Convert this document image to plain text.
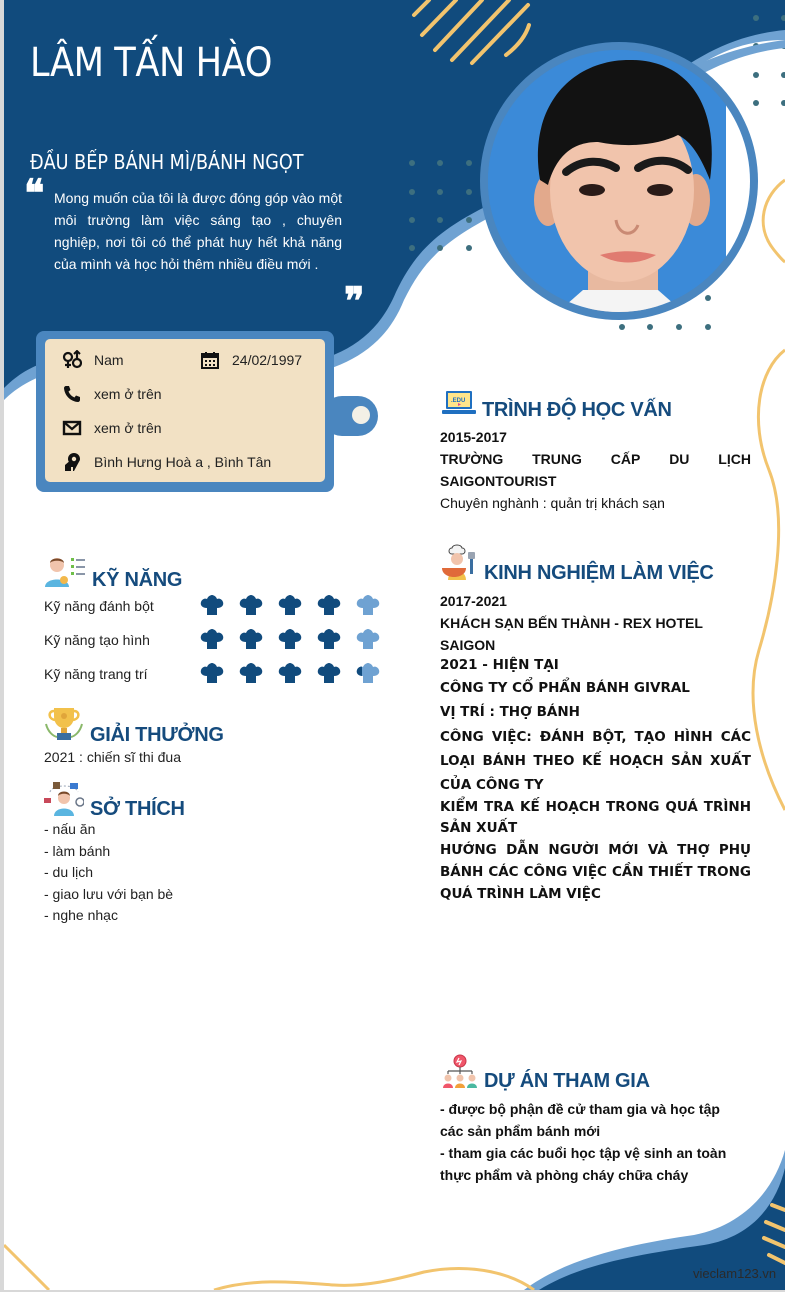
LÂM TẤN HÀO
ĐẦU BẾP BÁNH MÌ/BÁNH NGỌT
❝ Mong muốn của tôi là được đóng góp vào một môi trường làm việc sáng tạo , chuyên nghiệp, nơi tôi có thể phát huy hết khả năng của mình và học hỏi thêm nhiều điều mới .
❞
Nam	24/02/1997
xem ở trên
xem ở trên
Bình Hưng Hoà a , Bình Tân
KỸ NĂNG
Kỹ năng đánh bột
Kỹ năng tạo hình
Kỹ năng trang trí
GIẢI THƯỞNG
2021 : chiến sĩ thi đua
SỞ THÍCH
- nấu ăn
- làm bánh
- du lịch
- giao lưu với bạn bè
- nghe nhạc
.EDU TRÌNH ĐỘ HỌC VẤN
2015-2017
TRƯỜNG TRUNG CẤP DU LỊCH
SAIGONTOURIST
Chuyên nghành : quản trị khách sạn
KINH NGHIỆM LÀM VIỆC
2017-2021
KHÁCH SẠN BẾN THÀNH - REX HOTEL SAIGON
2021 - HIỆN TẠI
CÔNG TY CỔ PHẨN BÁNH GIVRAL
VỊ TRÍ : THỢ BÁNH
CÔNG VIỆC: ĐÁNH BỘT, TẠO HÌNH CÁC LOẠI BÁNH THEO KẾ HOẠCH SẢN XUẤT CỦA CÔNG TY
KIỂM TRA KẾ HOẠCH TRONG QUÁ TRÌNH SẢN XUẤT
HƯỚNG DẪN NGƯỜI MỚI VÀ THỢ PHỤ BÁNH CÁC CÔNG VIỆC CẦN THIẾT TRONG QUÁ TRÌNH LÀM VIỆC
DỰ ÁN THAM GIA
- được bộ phận đề cử tham gia và học tập các sản phẩm bánh mới
- tham gia các buổi học tập vệ sinh an toàn thực phẩm và phòng cháy chữa cháy
vieclam123.vn
